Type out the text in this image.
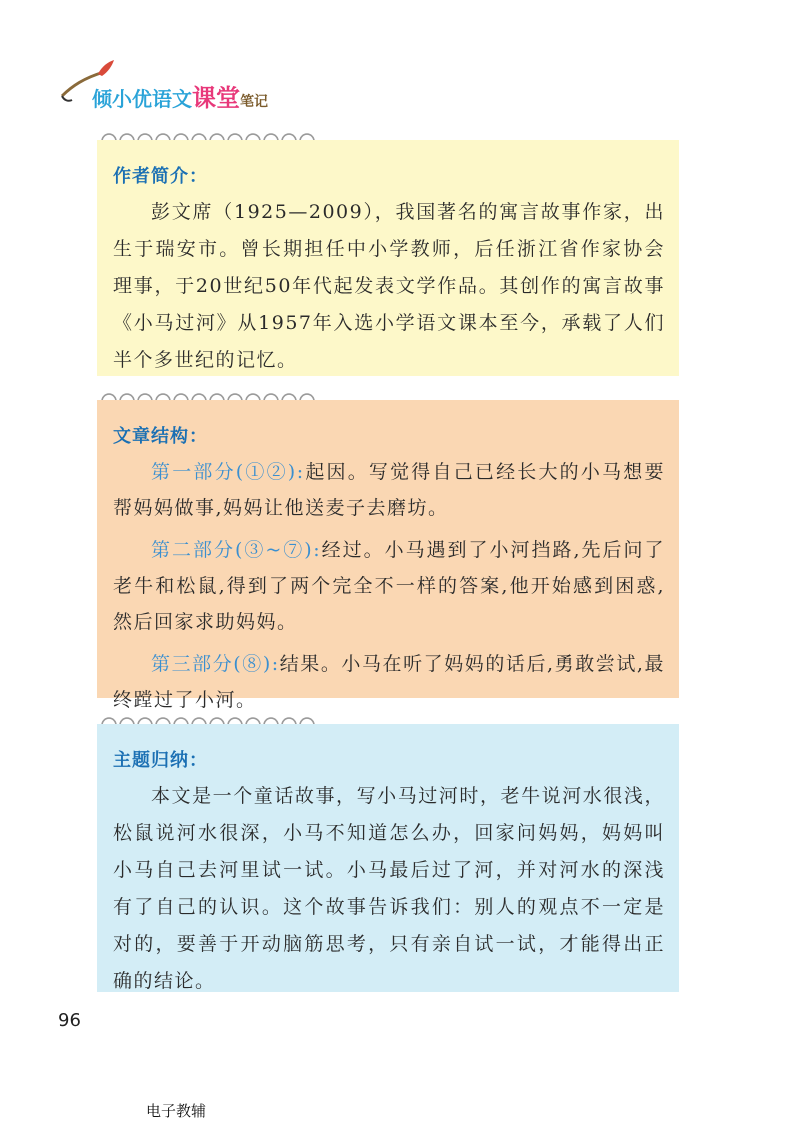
倾小优语文课堂笔记
作者简介：

彭文席（1925—2009），我国著名的寓言故事作家，出生于瑞安市。曾长期担任中小学教师，后任浙江省作家协会理事，于20世纪50年代起发表文学作品。其创作的寓言故事《小马过河》从1957年入选小学语文课本至今，承载了人们半个多世纪的记忆。

文章结构：

第一部分(①②):起因。写觉得自己已经长大的小马想要帮妈妈做事,妈妈让他送麦子去磨坊。

第二部分(③~⑦):经过。小马遇到了小河挡路,先后问了老牛和松鼠,得到了两个完全不一样的答案,他开始感到困惑,然后回家求助妈妈。

第三部分(⑧):结果。小马在听了妈妈的话后,勇敢尝试,最终蹚过了小河。

主题归纳：

本文是一个童话故事，写小马过河时，老牛说河水很浅，松鼠说河水很深，小马不知道怎么办，回家问妈妈，妈妈叫小马自己去河里试一试。小马最后过了河，并对河水的深浅有了自己的认识。这个故事告诉我们：别人的观点不一定是对的，要善于开动脑筋思考，只有亲自试一试，才能得出正确的结论。

96
电子教辅
